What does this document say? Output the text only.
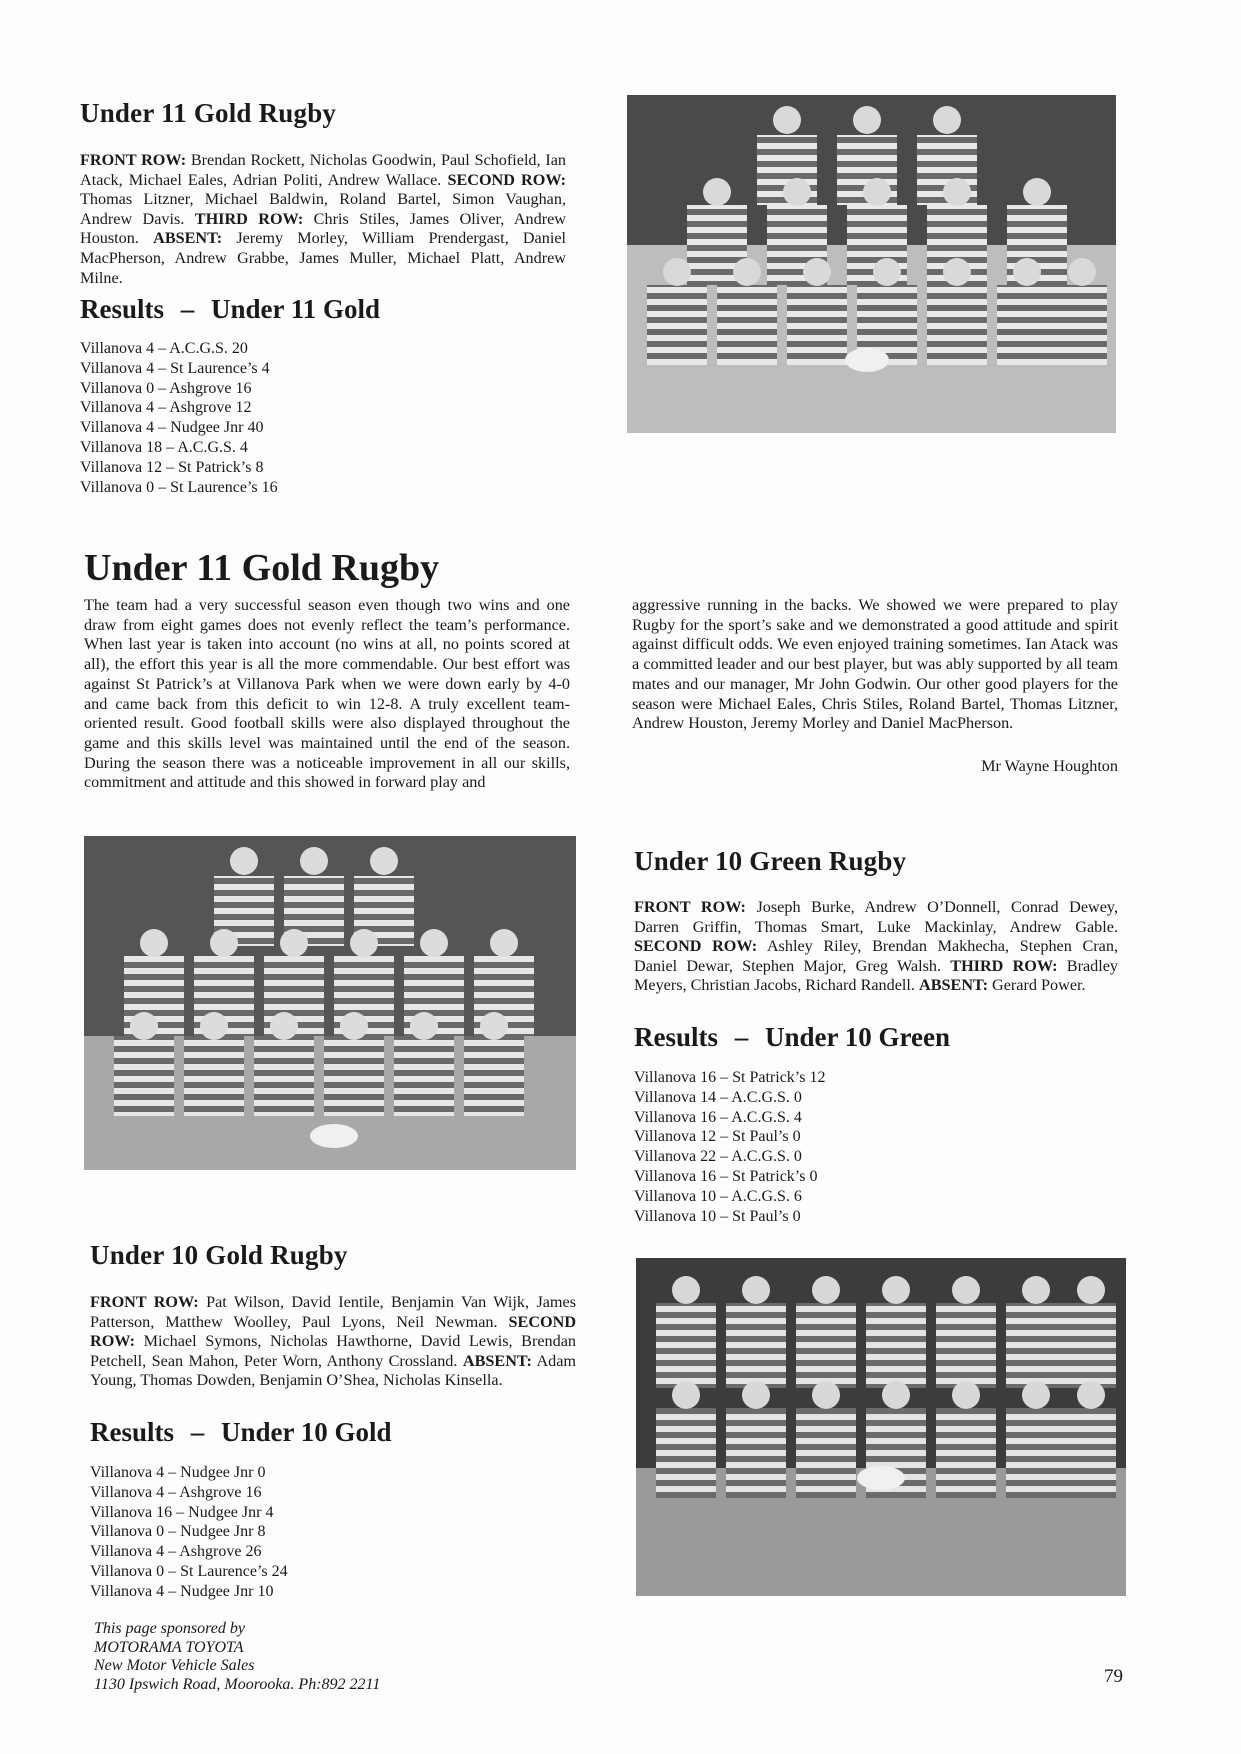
Under 11 Gold Rugby

FRONT ROW: Brendan Rockett, Nicholas Goodwin, Paul Schofield, Ian Atack, Michael Eales, Adrian Politi, Andrew Wallace. SECOND ROW: Thomas Litzner, Michael Baldwin, Roland Bartel, Simon Vaughan, Andrew Davis. THIRD ROW: Chris Stiles, James Oliver, Andrew Houston. ABSENT: Jeremy Morley, William Prendergast, Daniel MacPherson, Andrew Grabbe, James Muller, Michael Platt, Andrew Milne.

Results – Under 11 Gold
Villanova 4 – A.C.G.S. 20
Villanova 4 – St Laurence’s 4
Villanova 0 – Ashgrove 16
Villanova 4 – Ashgrove 12
Villanova 4 – Nudgee Jnr 40
Villanova 18 – A.C.G.S. 4
Villanova 12 – St Patrick’s 8
Villanova 0 – St Laurence’s 16
Under 11 Gold Rugby

The team had a very successful season even though two wins and one draw from eight games does not evenly reflect the team’s performance. When last year is taken into account (no wins at all, no points scored at all), the effort this year is all the more commendable. Our best effort was against St Patrick’s at Villanova Park when we were down early by 4-0 and came back from this deficit to win 12-8. A truly excellent team-oriented result. Good football skills were also displayed throughout the game and this skills level was maintained until the end of the season. During the season there was a noticeable improvement in all our skills, commitment and attitude and this showed in forward play and

aggressive running in the backs. We showed we were prepared to play Rugby for the sport’s sake and we demonstrated a good attitude and spirit against difficult odds. We even enjoyed training sometimes. Ian Atack was a committed leader and our best player, but was ably supported by all team mates and our manager, Mr John Godwin. Our other good players for the season were Michael Eales, Chris Stiles, Roland Bartel, Thomas Litzner, Andrew Houston, Jeremy Morley and Daniel MacPherson.

Mr Wayne Houghton
Under 10 Green Rugby

FRONT ROW: Joseph Burke, Andrew O’Donnell, Conrad Dewey, Darren Griffin, Thomas Smart, Luke Mackinlay, Andrew Gable. SECOND ROW: Ashley Riley, Brendan Makhecha, Stephen Cran, Daniel Dewar, Stephen Major, Greg Walsh. THIRD ROW: Bradley Meyers, Christian Jacobs, Richard Randell. ABSENT: Gerard Power.

Results – Under 10 Green
Villanova 16 – St Patrick’s 12
Villanova 14 – A.C.G.S. 0
Villanova 16 – A.C.G.S. 4
Villanova 12 – St Paul’s 0
Villanova 22 – A.C.G.S. 0
Villanova 16 – St Patrick’s 0
Villanova 10 – A.C.G.S. 6
Villanova 10 – St Paul’s 0
Under 10 Gold Rugby

FRONT ROW: Pat Wilson, David Ientile, Benjamin Van Wijk, James Patterson, Matthew Woolley, Paul Lyons, Neil Newman. SECOND ROW: Michael Symons, Nicholas Hawthorne, David Lewis, Brendan Petchell, Sean Mahon, Peter Worn, Anthony Crossland. ABSENT: Adam Young, Thomas Dowden, Benjamin O’Shea, Nicholas Kinsella.

Results – Under 10 Gold
Villanova 4 – Nudgee Jnr 0
Villanova 4 – Ashgrove 16
Villanova 16 – Nudgee Jnr 4
Villanova 0 – Nudgee Jnr 8
Villanova 4 – Ashgrove 26
Villanova 0 – St Laurence’s 24
Villanova 4 – Nudgee Jnr 10
This page sponsored by
MOTORAMA TOYOTA
New Motor Vehicle Sales
1130 Ipswich Road, Moorooka. Ph:892 2211	79
